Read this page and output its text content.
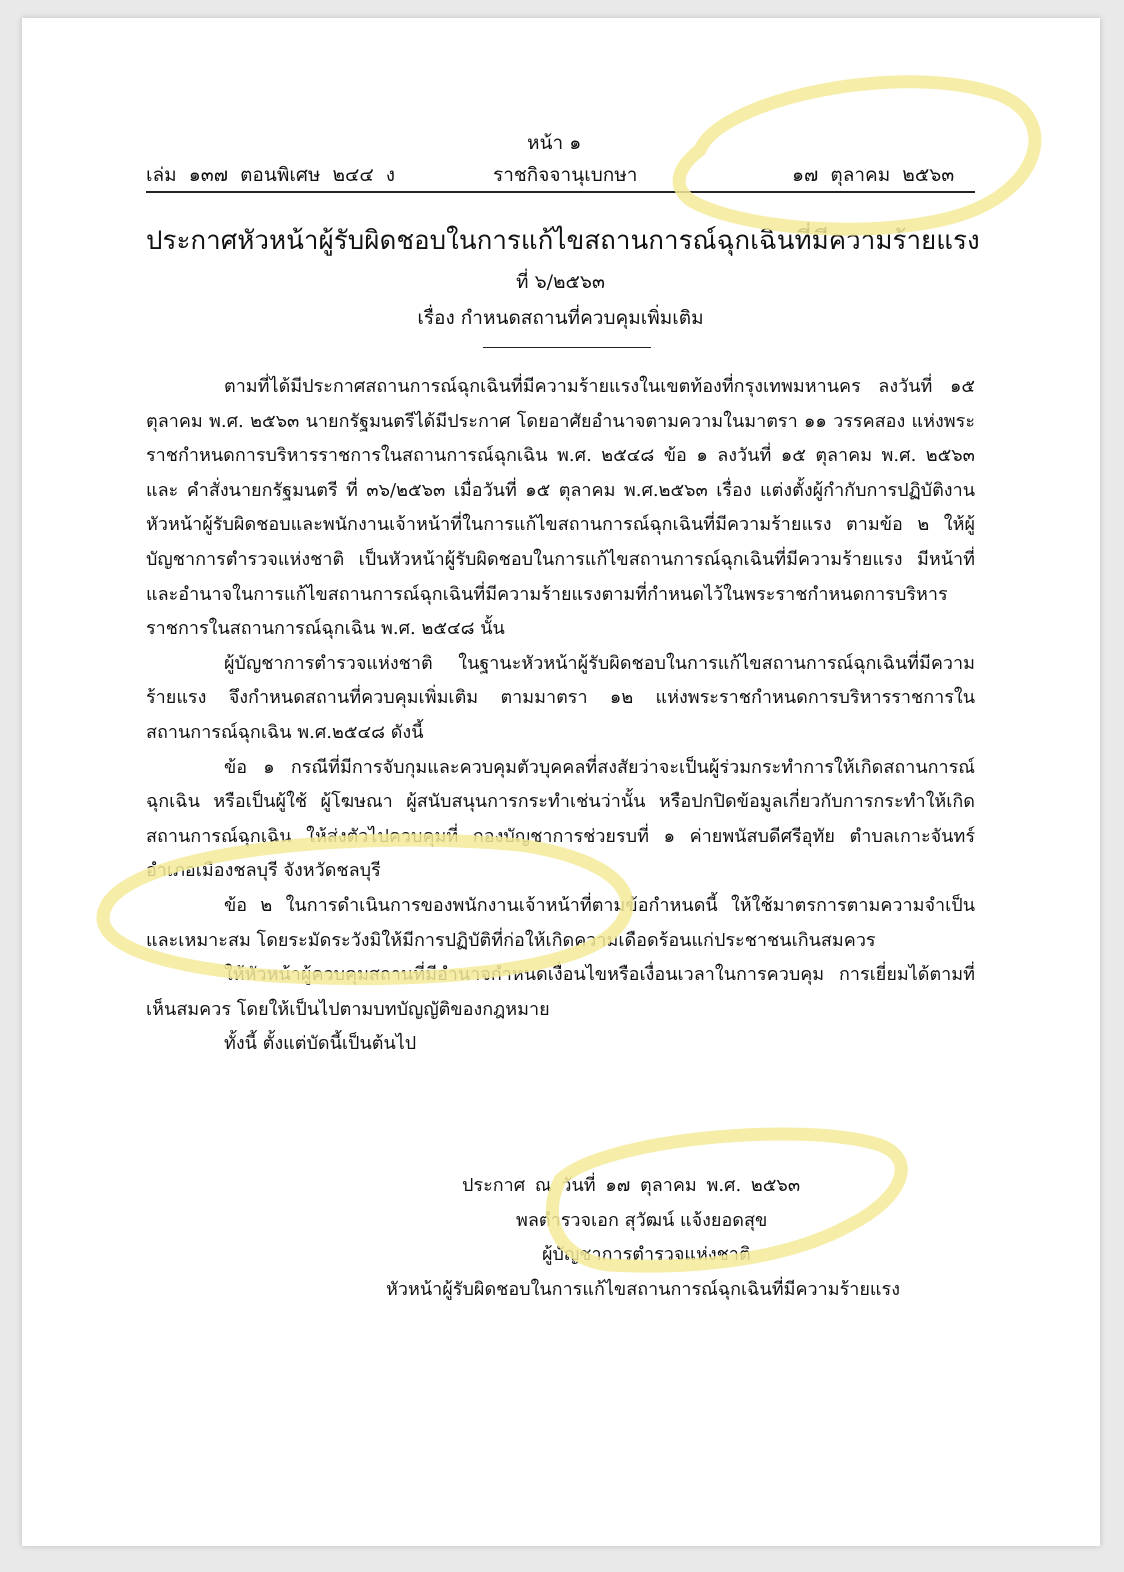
หน้า ๑
เล่ม ๑๓๗ ตอนพิเศษ ๒๔๔ ง	ราชกิจจานุเบกษา	๑๗ ตุลาคม ๒๕๖๓
ประกาศหัวหน้าผู้รับผิดชอบในการแก้ไขสถานการณ์ฉุกเฉินที่มีความร้ายแรง
ที่ ๖/๒๕๖๓
เรื่อง กำหนดสถานที่ควบคุมเพิ่มเติม

ตามที่ได้มีประกาศสถานการณ์ฉุกเฉินที่มีความร้ายแรงในเขตท้องที่กรุงเทพมหานคร ลงวันที่ ๑๕ ตุลาคม พ.ศ. ๒๕๖๓ นายกรัฐมนตรีได้มีประกาศ โดยอาศัยอำนาจตามความในมาตรา ๑๑ วรรคสอง แห่งพระราชกำหนดการบริหารราชการในสถานการณ์ฉุกเฉิน พ.ศ. ๒๕๔๘ ข้อ ๑ ลงวันที่ ๑๕ ตุลาคม พ.ศ. ๒๕๖๓ และ คำสั่งนายกรัฐมนตรี ที่ ๓๖/๒๕๖๓ เมื่อวันที่ ๑๕ ตุลาคม พ.ศ.๒๕๖๓ เรื่อง แต่งตั้งผู้กำกับการปฏิบัติงาน หัวหน้าผู้รับผิดชอบและพนักงานเจ้าหน้าที่ในการแก้ไขสถานการณ์ฉุกเฉินที่มีความร้ายแรง ตามข้อ ๒ ให้ผู้บัญชาการตำรวจแห่งชาติ เป็นหัวหน้าผู้รับผิดชอบในการแก้ไขสถานการณ์ฉุกเฉินที่มีความร้ายแรง มีหน้าที่และอำนาจในการแก้ไขสถานการณ์ฉุกเฉินที่มีความร้ายแรงตามที่กำหนดไว้ในพระราชกำหนดการบริหารราชการในสถานการณ์ฉุกเฉิน พ.ศ. ๒๕๔๘ นั้น

ผู้บัญชาการตำรวจแห่งชาติ ในฐานะหัวหน้าผู้รับผิดชอบในการแก้ไขสถานการณ์ฉุกเฉินที่มีความร้ายแรง จึงกำหนดสถานที่ควบคุมเพิ่มเติม ตามมาตรา ๑๒ แห่งพระราชกำหนดการบริหารราชการในสถานการณ์ฉุกเฉิน พ.ศ.๒๕๔๘ ดังนี้

ข้อ ๑ กรณีที่มีการจับกุมและควบคุมตัวบุคคลที่สงสัยว่าจะเป็นผู้ร่วมกระทำการให้เกิดสถานการณ์ฉุกเฉิน หรือเป็นผู้ใช้ ผู้โฆษณา ผู้สนับสนุนการกระทำเช่นว่านั้น หรือปกปิดข้อมูลเกี่ยวกับการกระทำให้เกิดสถานการณ์ฉุกเฉิน ให้ส่งตัวไปควบคุมที่ กองบัญชาการช่วยรบที่ ๑ ค่ายพนัสบดีศรีอุทัย ตำบลเกาะจันทร์ อำเภอเมืองชลบุรี จังหวัดชลบุรี

ข้อ ๒ ในการดำเนินการของพนักงานเจ้าหน้าที่ตามข้อกำหนดนี้ ให้ใช้มาตรการตามความจำเป็นและเหมาะสม โดยระมัดระวังมิให้มีการปฏิบัติที่ก่อให้เกิดความเดือดร้อนแก่ประชาชนเกินสมควร

ให้หัวหน้าผู้ควบคุมสถานที่มีอำนาจกำหนดเงื่อนไขหรือเงื่อนเวลาในการควบคุม การเยี่ยมได้ตามที่เห็นสมควร โดยให้เป็นไปตามบทบัญญัติของกฎหมาย

ทั้งนี้ ตั้งแต่บัดนี้เป็นต้นไป

ประกาศ ณ วันที่ ๑๗ ตุลาคม พ.ศ. ๒๕๖๓
พลตำรวจเอก สุวัฒน์ แจ้งยอดสุข
ผู้บัญชาการตำรวจแห่งชาติ
หัวหน้าผู้รับผิดชอบในการแก้ไขสถานการณ์ฉุกเฉินที่มีความร้ายแรง
